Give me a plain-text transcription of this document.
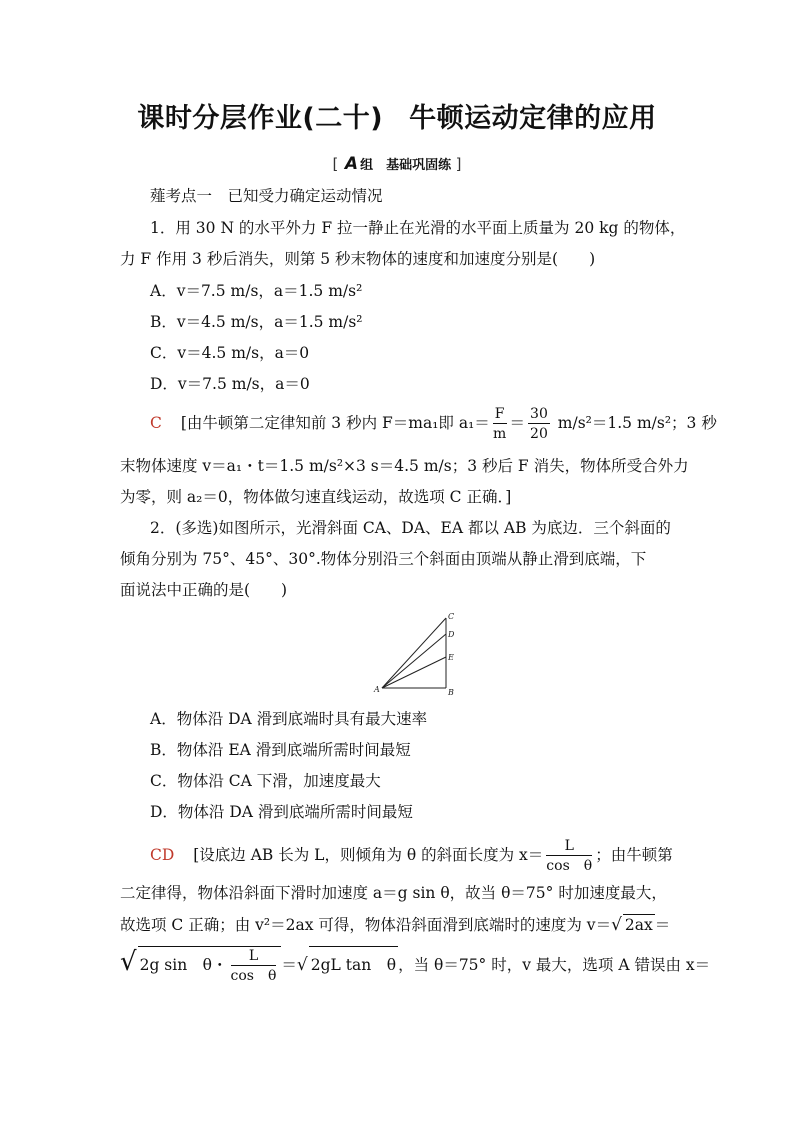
课时分层作业(二十) 牛顿运动定律的应用
[ A 组　基础巩固练 ]
薤考点一　已知受力确定运动情况
1．用 30 N 的水平外力 F 拉一静止在光滑的水平面上质量为 20 kg 的物体，
力 F 作用 3 秒后消失，则第 5 秒末物体的速度和加速度分别是(　　)
A．v＝7.5 m/s，a＝1.5 m/s²
B．v＝4.5 m/s，a＝1.5 m/s²
C．v＝4.5 m/s，a＝0
D．v＝7.5 m/s，a＝0
C [由牛顿第二定律知前 3 秒内 F＝ma₁即 $a_1= \frac{F}{m} = \frac{30}{20} m/s^2=1.5$ m/s²；3 秒
末物体速度 v＝a₁・t＝1.5 m/s²×3 s＝4.5 m/s；3 秒后 F 消失，物体所受合外力
为零，则 a₂＝0，物体做匀速直线运动，故选项 C 正确．]
2．(多选)如图所示，光滑斜面 CA、DA、EA 都以 AB 为底边．三个斜面的
倾角分别为 75°、45°、30°.物体分别沿三个斜面由顶端从静止滑到底端，下
面说法中正确的是(　　)
C
D
E
A	B
A．物体沿 DA 滑到底端时具有最大速率
B．物体沿 EA 滑到底端所需时间最短
C．物体沿 CA 下滑，加速度最大
D．物体沿 DA 滑到底端所需时间最短
CD [设底边 AB 长为 L，则倾角为 θ 的斜面长度为 $x= \frac{L}{\text{cos　θ}}$ ；由牛顿第
二定律得，物体沿斜面下滑时加速度 a＝g sin θ，故当 θ＝75° 时加速度最大，
故选项 C 正确；由 v²＝2ax 可得，物体沿斜面滑到底端时的速度为 v＝√ 2ax ＝
√ 2g sin　θ・ $\frac{L}{\text{cos　θ}}$ ＝√ 2gL tan　θ ，当 θ＝75° 时，v 最大，选项 A 错误由 x＝
